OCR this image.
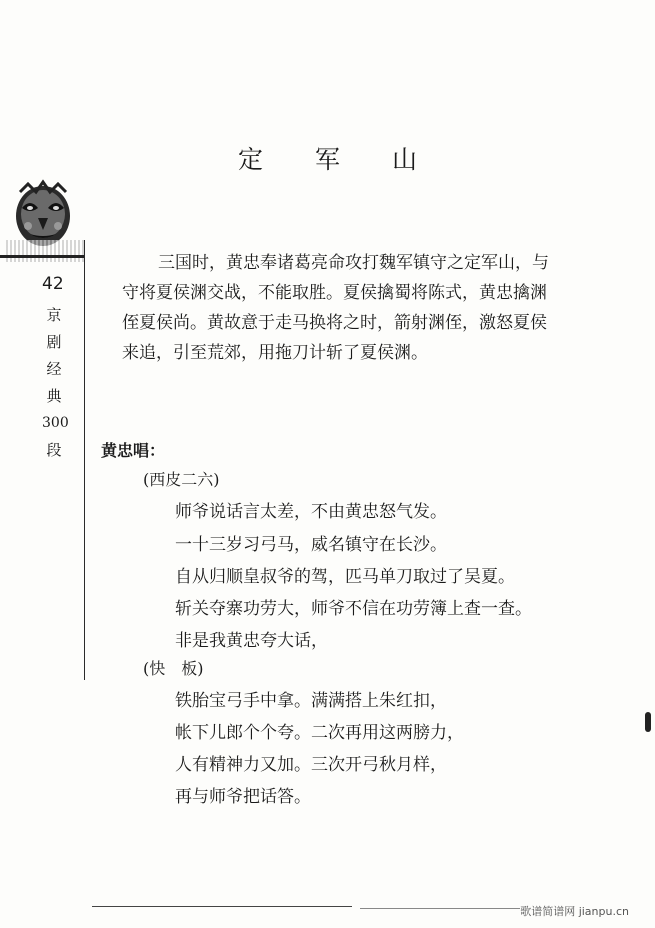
定 军 山
42
京
剧
经
典
300
段
三国时，黄忠奉诸葛亮命攻打魏军镇守之定军山，与守将夏侯渊交战，不能取胜。夏侯擒蜀将陈式，黄忠擒渊侄夏侯尚。黄故意于走马换将之时，箭射渊侄，激怒夏侯来追，引至荒郊，用拖刀计斩了夏侯渊。
黄忠唱：
(西皮二六)
师爷说话言太差，不由黄忠怒气发。
一十三岁习弓马，威名镇守在长沙。
自从归顺皇叔爷的驾，匹马单刀取过了吴夏。
斩关夺寨功劳大，师爷不信在功劳簿上查一查。
非是我黄忠夸大话，
(快　板)
铁胎宝弓手中拿。满满搭上朱红扣，
帐下儿郎个个夸。二次再用这两膀力，
人有精神力又加。三次开弓秋月样，
再与师爷把话答。
歌谱简谱网 jianpu.cn
